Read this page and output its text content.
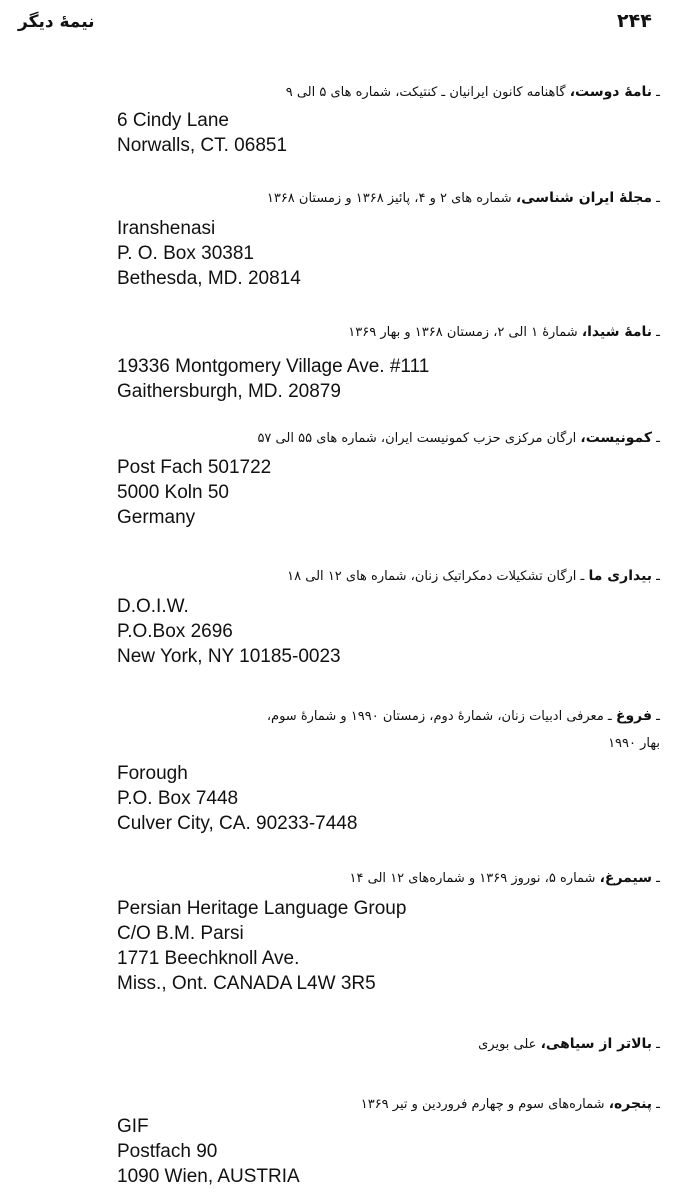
۲۴۴
نیمهٔ دیگر
ـ نامهٔ دوست، گاهنامه کانون ایرانیان ـ کنتیکت، شماره های ۵ الی ۹
6 Cindy Lane
Norwalls, CT. 06851
ـ مجلهٔ ایران شناسی، شماره های ۲ و ۴، پائیز ۱۳۶۸ و زمستان ۱۳۶۸
Iranshenasi
P. O. Box 30381
Bethesda, MD. 20814
ـ نامهٔ شیدا، شمارهٔ ۱ الی ۲، زمستان ۱۳۶۸ و بهار ۱۳۶۹
19336 Montgomery Village Ave. #111
Gaithersburgh, MD. 20879
ـ کمونیست، ارگان مرکزی حزب کمونیست ایران، شماره های ۵۵ الی ۵۷
Post Fach 501722
5000 Koln 50
Germany
ـ بیداری ما ـ ارگان تشکیلات دمکراتیک زنان، شماره های ۱۲ الی ۱۸
D.O.I.W.
P.O.Box 2696
New York, NY 10185-0023
ـ فروغ ـ معرفی ادبیات زنان، شمارهٔ دوم، زمستان ۱۹۹۰ و شمارهٔ سوم،
بهار ۱۹۹۰
Forough
P.O. Box 7448
Culver City, CA. 90233-7448
ـ سیمرغ، شماره ۵، نوروز ۱۳۶۹ و شماره‌های ۱۲ الی ۱۴
Persian Heritage Language Group
C/O B.M. Parsi
1771 Beechknoll Ave.
Miss., Ont. CANADA L4W 3R5
ـ بالاتر از سیاهی، علی بویری
ـ پنجره، شماره‌های سوم و چهارم فروردین و تیر ۱۳۶۹
GIF
Postfach 90
1090 Wien, AUSTRIA
